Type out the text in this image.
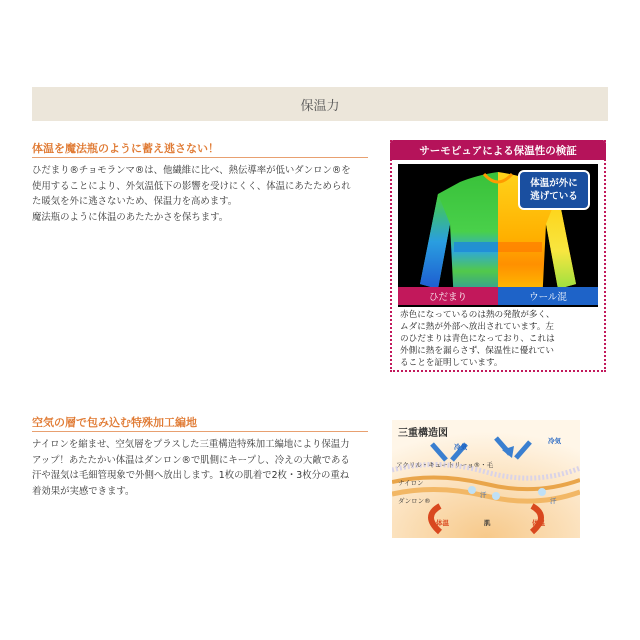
保温力
体温を魔法瓶のように蓄え逃さない！
ひだまり®チョモランマ®は、他繊維に比べ、熱伝導率が低いダンロン®を
使用することにより、外気温低下の影響を受けにくく、体温にあたためられ
た暖気を外に逃さないため、保温力を高めます。
魔法瓶のように体温のあたたかさを保ちます。
サーモピュアによる保温性の検証
体温が外に
逃げている
ひだまり	ウール混
赤色になっているのは熱の発散が多く、
ムダに熱が外部へ放出されています。左
のひだまりは青色になっており、これは
外側に熱を漏らさず、保温性に優れてい
ることを証明しています。
空気の層で包み込む特殊加工編地
ナイロンを縮ませ、空気層をプラスした三重構造特殊加工編地により保温力
アップ！あたたかい体温はダンロン®で肌側にキープし、冷えの大敵である
汗や湿気は毛細管現象で外側へ放出します。1枚の肌着で2枚・3枚分の重ね
着効果が実感できます。
三重構造図
冷気
冷気
アクリル・キュートリーョ®・毛
ナイロン
ダンロン®
汗
汗
体温	体温
肌
